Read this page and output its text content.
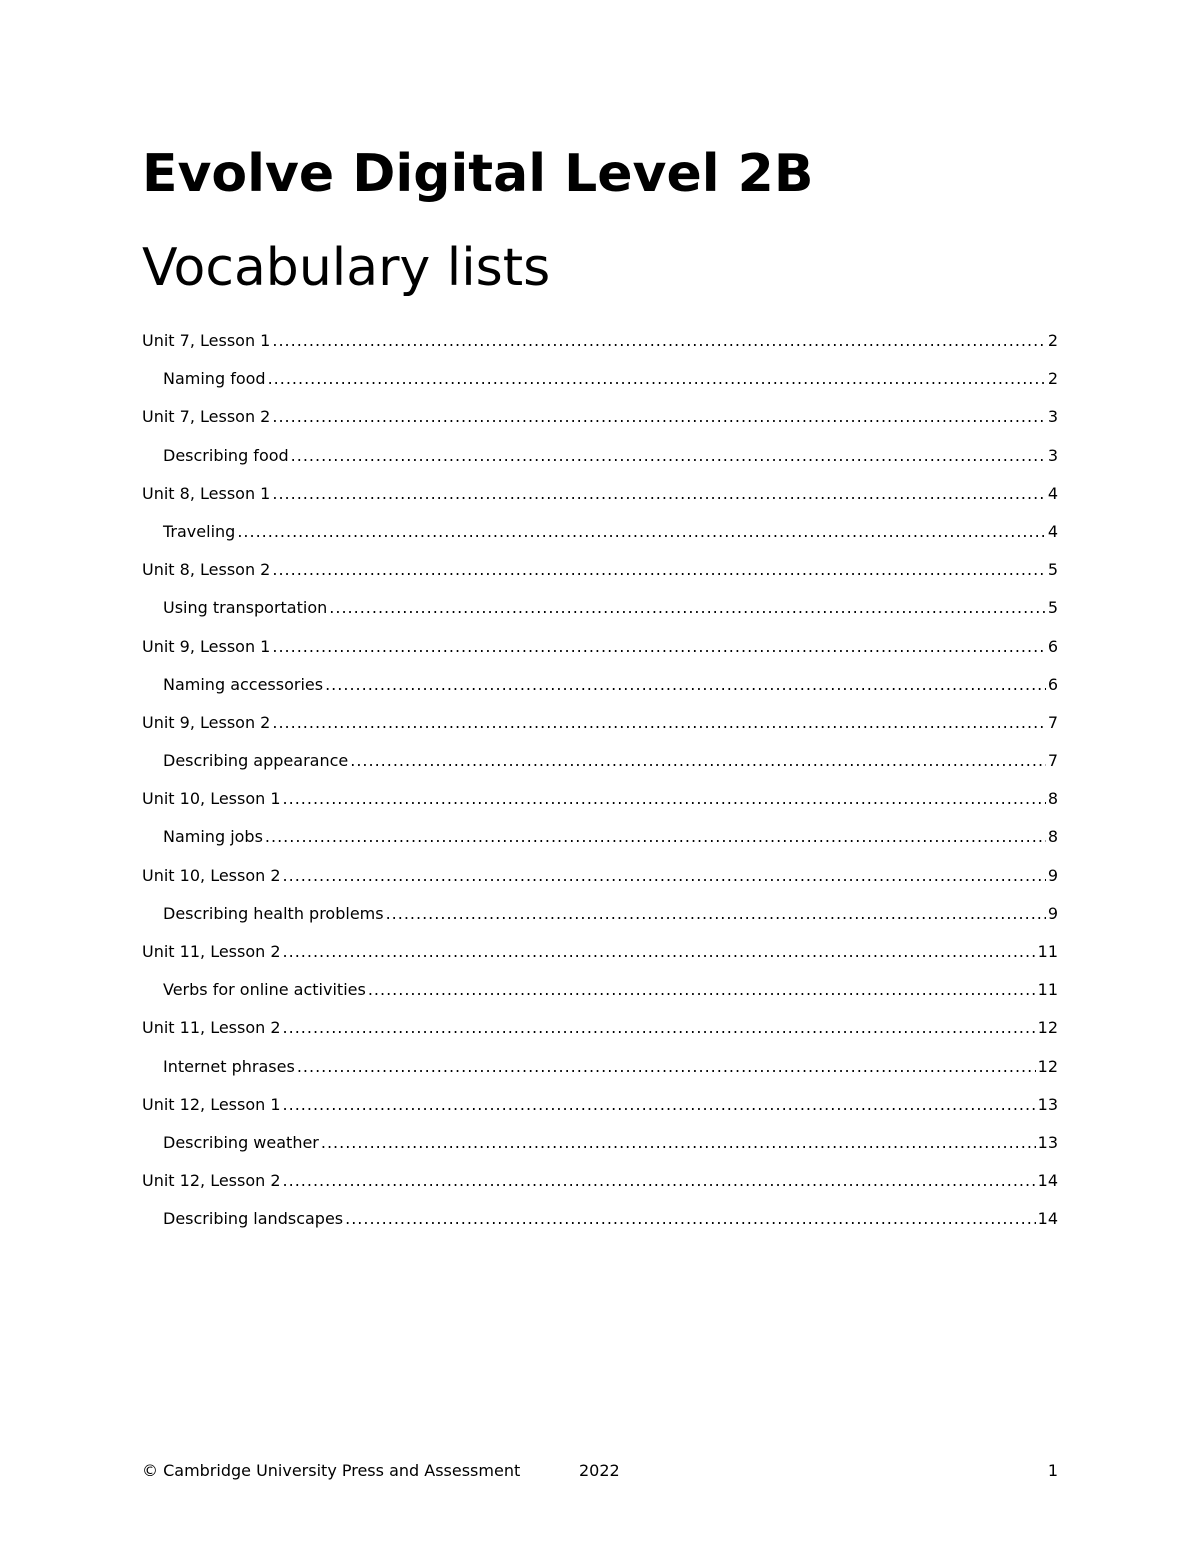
Evolve Digital Level 2B
Vocabulary lists
Unit 7, Lesson 1 .....	2
Naming food .....	2
Unit 7, Lesson 2 .....	3
Describing food .....	3
Unit 8, Lesson 1 .....	4
Traveling .....	4
Unit 8, Lesson 2 .....	5
Using transportation .....	5
Unit 9, Lesson 1 .....	6
Naming accessories .....	6
Unit 9, Lesson 2 .....	7
Describing appearance .....	7
Unit 10, Lesson 1 .....	8
Naming jobs .....	8
Unit 10, Lesson 2 .....	9
Describing health problems .....	9
Unit 11, Lesson 2 .....	11
Verbs for online activities .....	11
Unit 11, Lesson 2 .....	12
Internet phrases .....	12
Unit 12, Lesson 1 .....	13
Describing weather .....	13
Unit 12, Lesson 2 .....	14
Describing landscapes .....	14
© Cambridge University Press and Assessment	2022	1
